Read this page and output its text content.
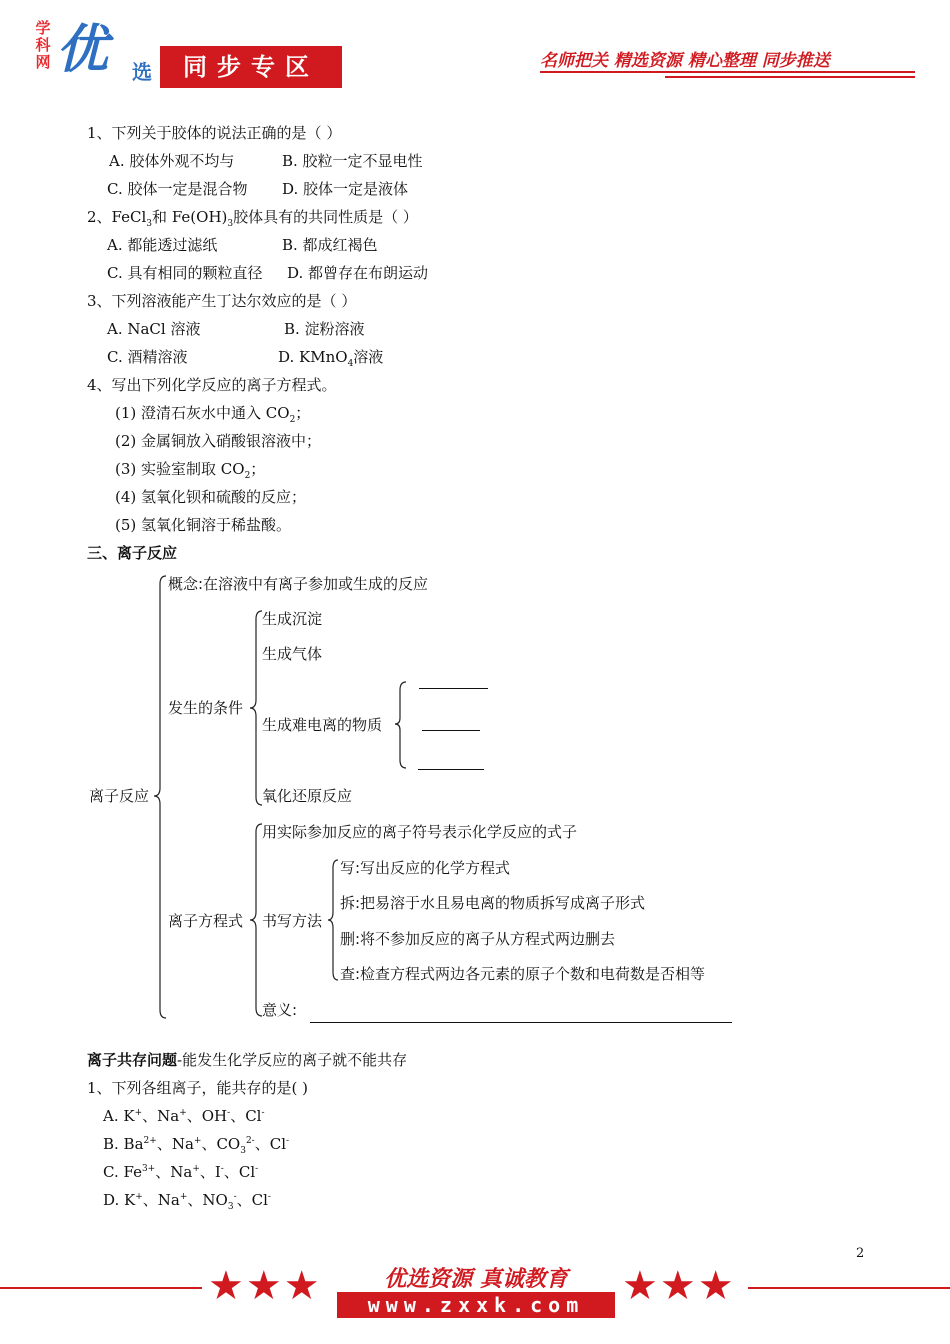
学科网 优 选	同步专区	名师把关 精选资源 精心整理 同步推送
1、下列关于胶体的说法正确的是（ ）
A. 胶体外观不均与	B. 胶粒一定不显电性
C. 胶体一定是混合物 D. 胶体一定是液体
2、FeCl$_3$和 $Fe(OH)_3$胶体具有的共同性质是（ ）
A. 都能透过滤纸	B. 都成红褐色
C. 具有相同的颗粒直径 D. 都曾存在布朗运动
3、下列溶液能产生丁达尔效应的是（ ）
A. NaCl 溶液	B. 淀粉溶液
C. 酒精溶液	D. KMnO$_4$溶液
4、写出下列化学反应的离子方程式。
(1) 澄清石灰水中通入 $CO_2$；
(2) 金属铜放入硝酸银溶液中；
(3) 实验室制取 $CO_2$；
(4) 氢氧化钡和硫酸的反应；
(5) 氢氧化铜溶于稀盐酸。
三、离子反应
概念:在溶液中有离子参加或生成的反应
离子反应
发生的条件
生成沉淀
生成气体
生成难电离的物质
氧化还原反应
用实际参加反应的离子符号表示化学反应的式子
离子方程式 书写方法
写:写出反应的化学方程式
拆:把易溶于水且易电离的物质拆写成离子形式
删:将不参加反应的离子从方程式两边删去
查:检查方程式两边各元素的原子个数和电荷数是否相等
意义:
离子共存问题-能发生化学反应的离子就不能共存
1、下列各组离子，能共存的是( )
A. K+、Na+、OH-、Cl-
B. $Ba^{2+}$、Na+、$CO_3^{2-}$、Cl-
C. $Fe^{3+}$、Na+、I-、Cl-
D. K+、Na+、$NO_3^-$、Cl-
2
★★★	★★★
优选资源 真诚教育
www.zxxk.com
